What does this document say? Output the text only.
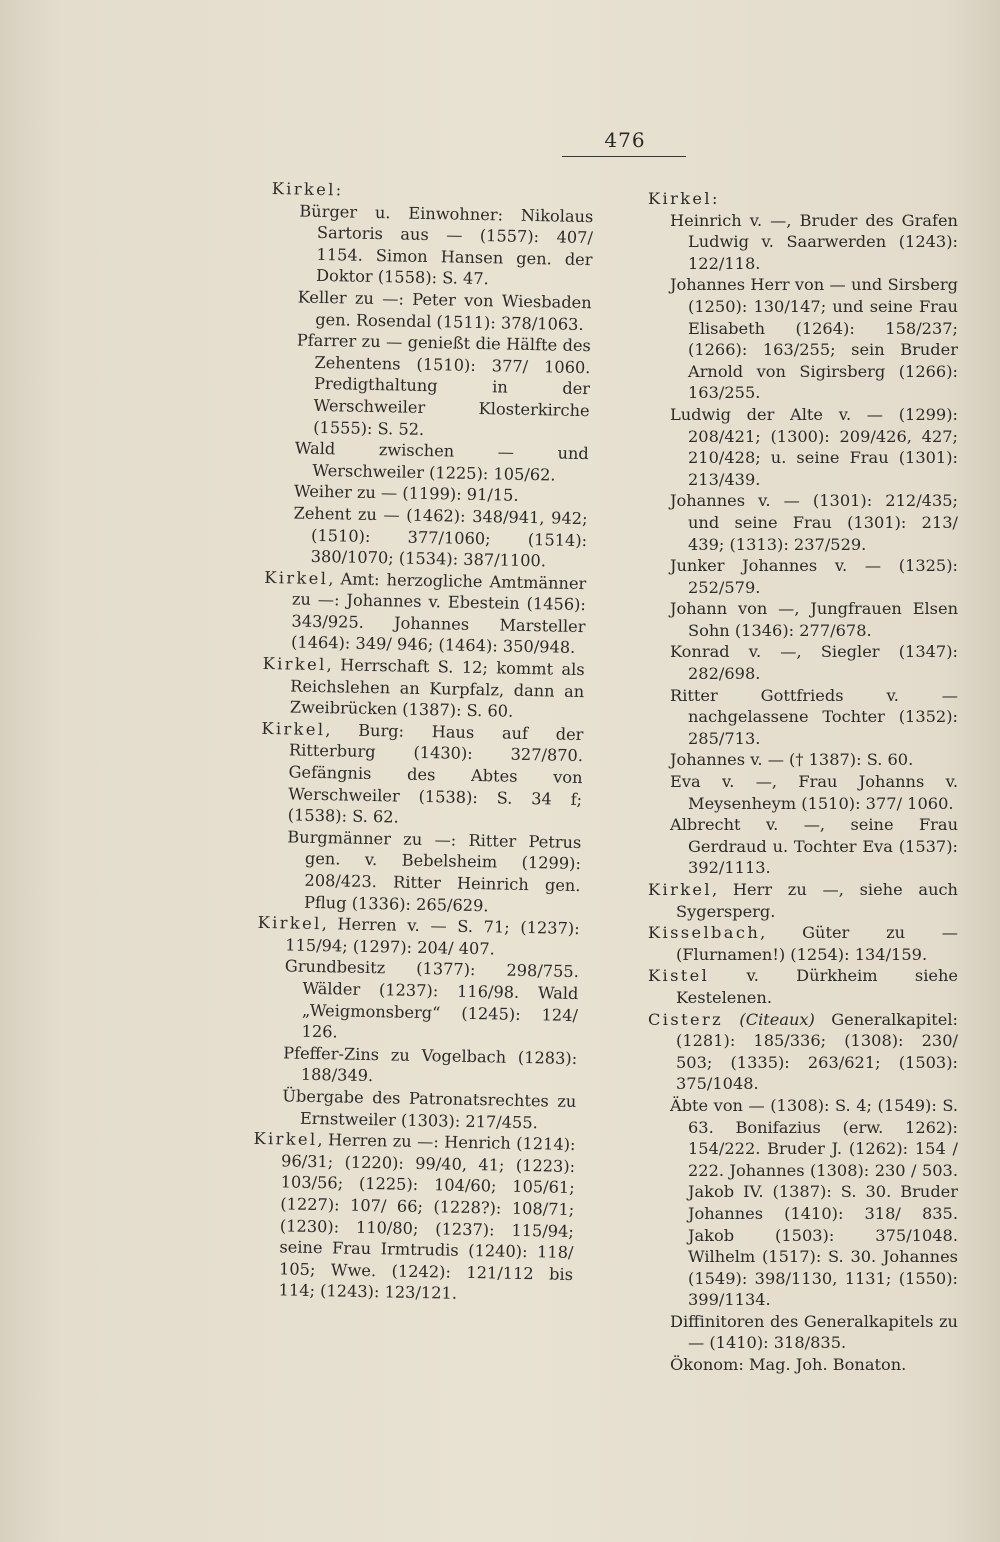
476

Kirkel:

Bürger u. Einwohner: Nikolaus Sartoris aus — (1557): 407/ 1154. Simon Hansen gen. der Doktor (1558): S. 47.

Keller zu —: Peter von Wiesbaden gen. Rosendal (1511): 378/1063.

Pfarrer zu — genießt die Hälfte des Zehentens (1510): 377/ 1060. Predigthaltung in der Werschweiler Klosterkirche (1555): S. 52.

Wald zwischen — und Werschweiler (1225): 105/62.

Weiher zu — (1199): 91/15.

Zehent zu — (1462): 348/941, 942; (1510): 377/1060; (1514): 380/1070; (1534): 387/1100.

Kirkel, Amt: herzogliche Amtmänner zu —: Johannes v. Ebestein (1456): 343/925. Johannes Marsteller (1464): 349/ 946; (1464): 350/948.

Kirkel, Herrschaft S. 12; kommt als Reichslehen an Kurpfalz, dann an Zweibrücken (1387): S. 60.

Kirkel, Burg: Haus auf der Ritterburg (1430): 327/870. Gefängnis des Abtes von Werschweiler (1538): S. 34 f; (1538): S. 62.

Burgmänner zu —: Ritter Petrus gen. v. Bebelsheim (1299): 208/423. Ritter Heinrich gen. Pflug (1336): 265/629.

Kirkel, Herren v. — S. 71; (1237): 115/94; (1297): 204/ 407.

Grundbesitz (1377): 298/755. Wälder (1237): 116/98. Wald „Weigmonsberg“ (1245): 124/ 126.

Pfeffer-Zins zu Vogelbach (1283): 188/349.

Übergabe des Patronatsrechtes zu Ernstweiler (1303): 217/455.

Kirkel, Herren zu —: Henrich (1214): 96/31; (1220): 99/40, 41; (1223): 103/56; (1225): 104/60; 105/61; (1227): 107/ 66; (1228?): 108/71; (1230): 110/80; (1237): 115/94; seine Frau Irmtrudis (1240): 118/ 105; Wwe. (1242): 121/112 bis 114; (1243): 123/121.

Kirkel:

Heinrich v. —, Bruder des Grafen Ludwig v. Saarwerden (1243): 122/118.

Johannes Herr von — und Sirsberg (1250): 130/147; und seine Frau Elisabeth (1264): 158/237; (1266): 163/255; sein Bruder Arnold von Sigirsberg (1266): 163/255.

Ludwig der Alte v. — (1299): 208/421; (1300): 209/426, 427; 210/428; u. seine Frau (1301): 213/439.

Johannes v. — (1301): 212/435; und seine Frau (1301): 213/ 439; (1313): 237/529.

Junker Johannes v. — (1325): 252/579.

Johann von —, Jungfrauen Elsen Sohn (1346): 277/678.

Konrad v. —, Siegler (1347): 282/698.

Ritter Gottfrieds v. — nachgelassene Tochter (1352): 285/713.

Johannes v. — († 1387): S. 60.

Eva v. —, Frau Johanns v. Meysenheym (1510): 377/ 1060.

Albrecht v. —, seine Frau Gerdraud u. Tochter Eva (1537): 392/1113.

Kirkel, Herr zu —, siehe auch Sygersperg.

Kisselbach, Güter zu — (Flurnamen!) (1254): 134/159.

Kistel v. Dürkheim siehe Kestelenen.

Cisterz (Citeaux) Generalkapitel: (1281): 185/336; (1308): 230/ 503; (1335): 263/621; (1503): 375/1048.

Äbte von — (1308): S. 4; (1549): S. 63. Bonifazius (erw. 1262): 154/222. Bruder J. (1262): 154 / 222. Johannes (1308): 230 / 503. Jakob IV. (1387): S. 30. Bruder Johannes (1410): 318/ 835. Jakob (1503): 375/1048. Wilhelm (1517): S. 30. Johannes (1549): 398/1130, 1131; (1550): 399/1134.

Diffinitoren des Generalkapitels zu — (1410): 318/835.

Ökonom: Mag. Joh. Bonaton.
